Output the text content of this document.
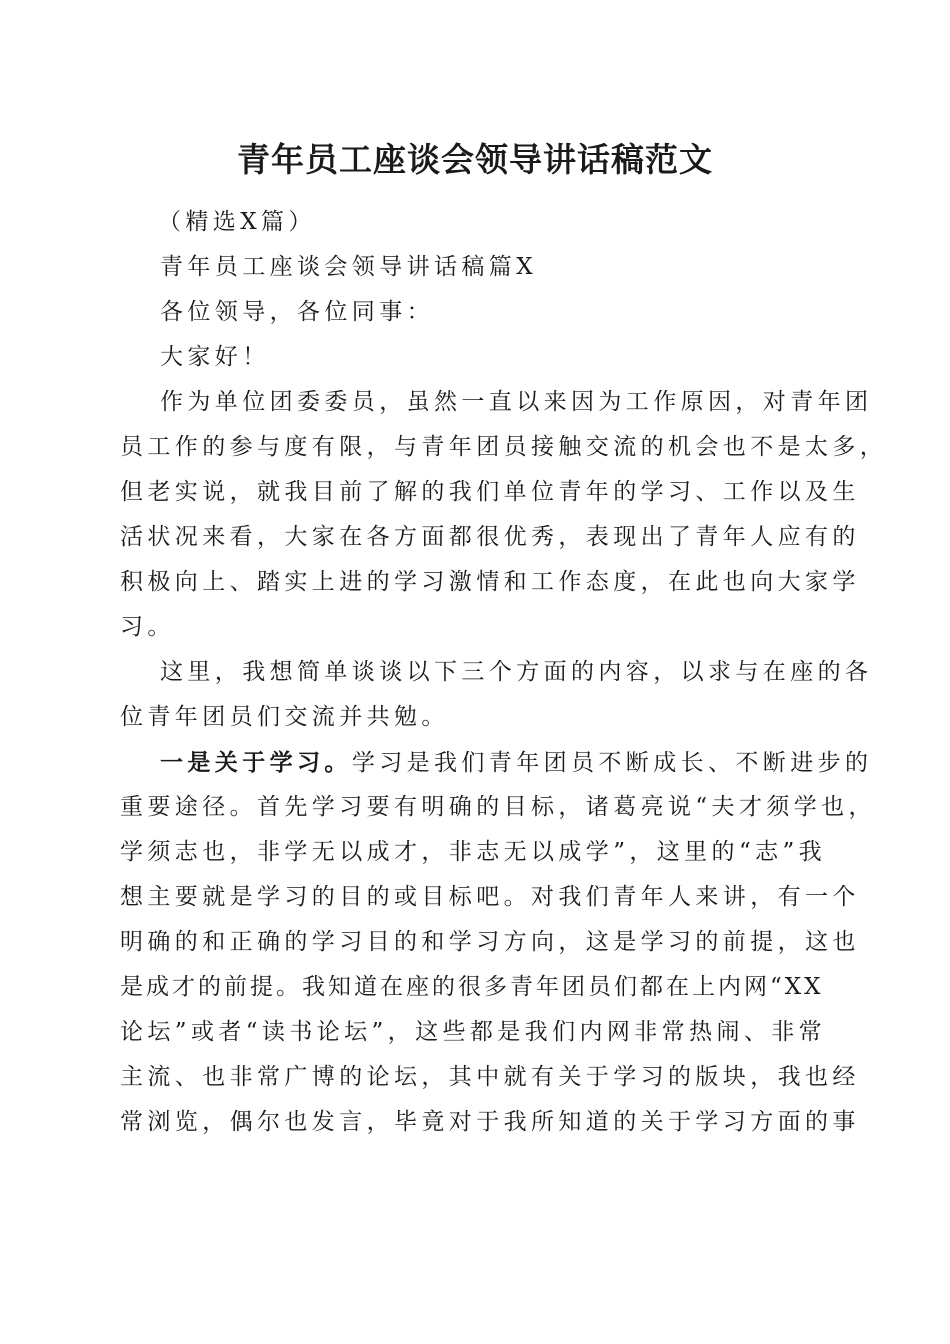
青年员工座谈会领导讲话稿范文

（精选X篇）

青年员工座谈会领导讲话稿篇X

各位领导，各位同事：

大家好！

作为单位团委委员，虽然一直以来因为工作原因，对青年团

员工作的参与度有限，与青年团员接触交流的机会也不是太多，

但老实说，就我目前了解的我们单位青年的学习、工作以及生

活状况来看，大家在各方面都很优秀，表现出了青年人应有的

积极向上、踏实上进的学习激情和工作态度，在此也向大家学

习。

这里，我想简单谈谈以下三个方面的内容，以求与在座的各

位青年团员们交流并共勉。

一是关于学习。学习是我们青年团员不断成长、不断进步的

重要途径。首先学习要有明确的目标，诸葛亮说“夫才须学也，

学须志也，非学无以成才，非志无以成学”，这里的“志”我

想主要就是学习的目的或目标吧。对我们青年人来讲，有一个

明确的和正确的学习目的和学习方向，这是学习的前提，这也

是成才的前提。我知道在座的很多青年团员们都在上内网“XX

论坛”或者“读书论坛”，这些都是我们内网非常热闹、非常

主流、也非常广博的论坛，其中就有关于学习的版块，我也经

常浏览，偶尔也发言，毕竟对于我所知道的关于学习方面的事
